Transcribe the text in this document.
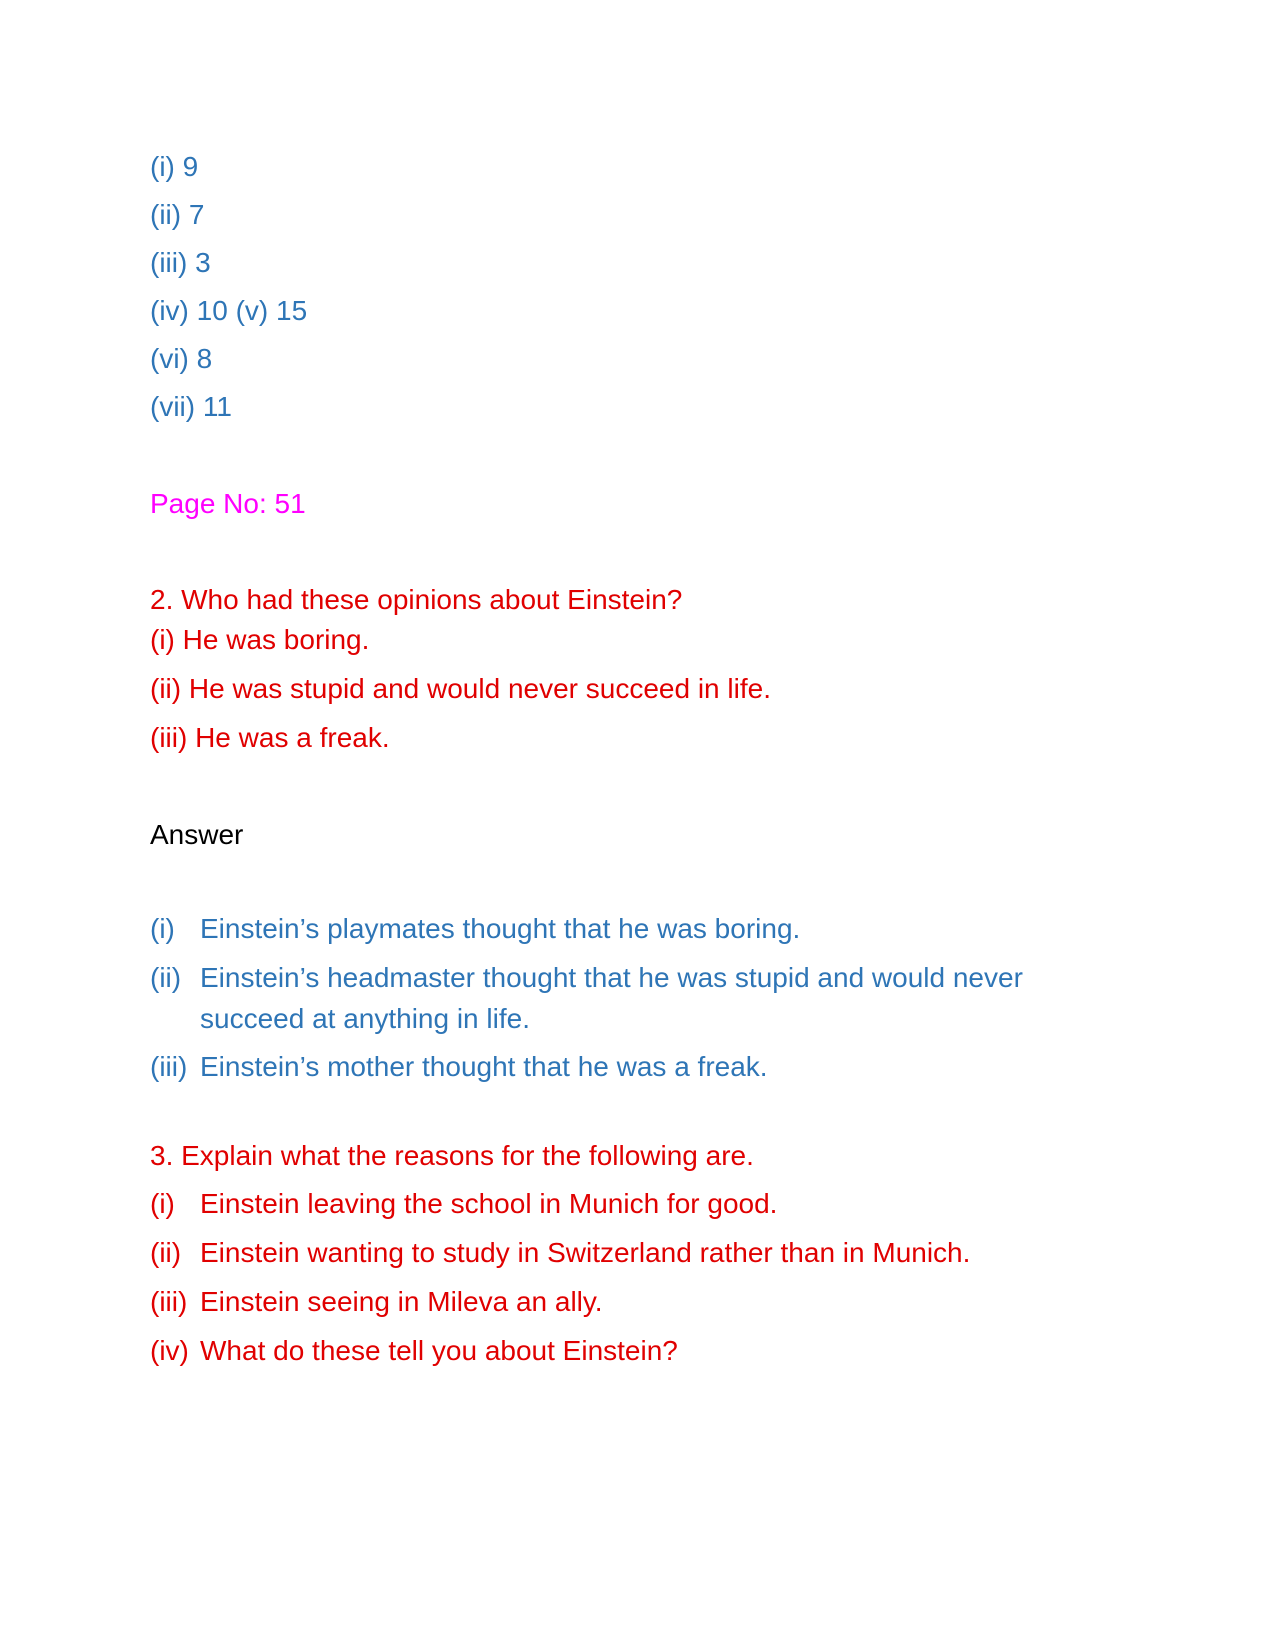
(i) 9
(ii) 7
(iii) 3
(iv) 10 (v) 15
(vi) 8
(vii) 11
Page No: 51
2. Who had these opinions about Einstein?
(i) He was boring.
(ii) He was stupid and would never succeed in life.
(iii) He was a freak.
Answer
(i) Einstein’s playmates thought that he was boring.
(ii) Einstein’s headmaster thought that he was stupid and would never succeed at anything in life.
(iii) Einstein’s mother thought that he was a freak.
3. Explain what the reasons for the following are.
(i) Einstein leaving the school in Munich for good.
(ii) Einstein wanting to study in Switzerland rather than in Munich.
(iii) Einstein seeing in Mileva an ally.
(iv) What do these tell you about Einstein?
